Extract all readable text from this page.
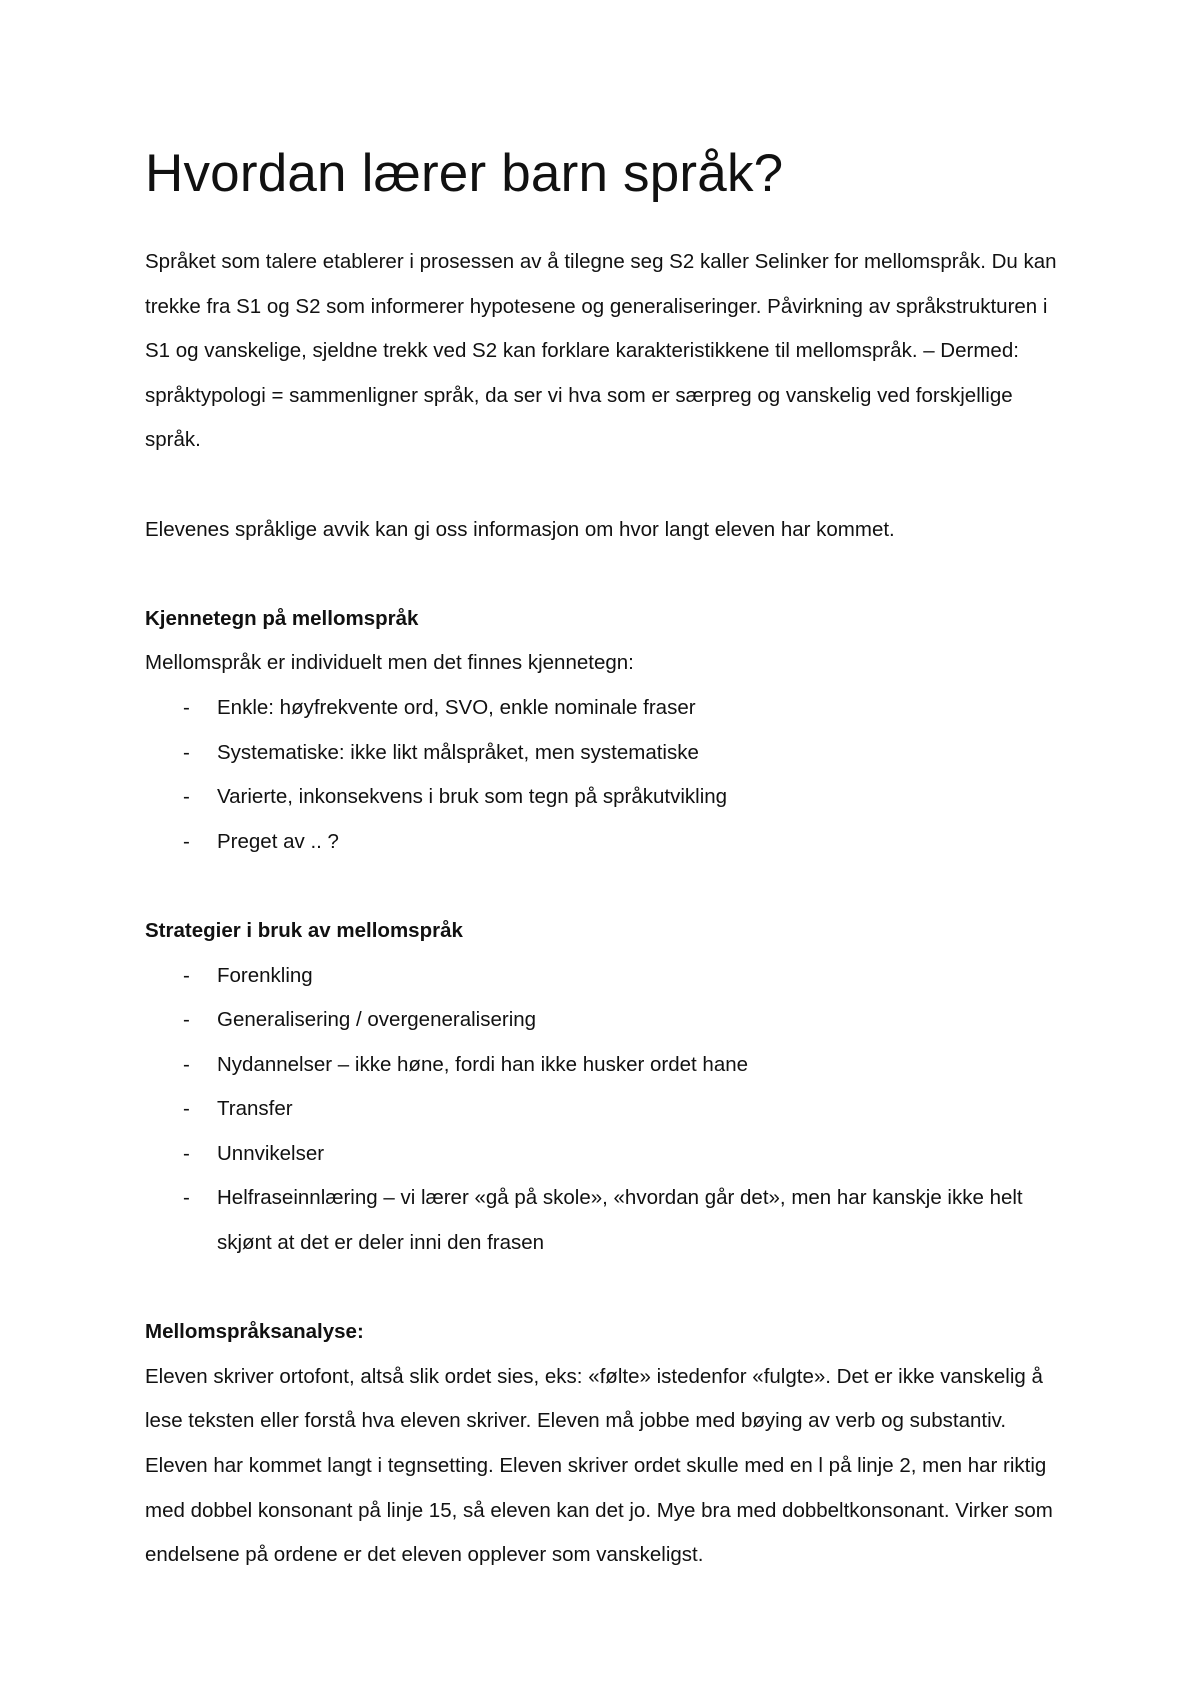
Hvordan lærer barn språk?

Språket som talere etablerer i prosessen av å tilegne seg S2 kaller Selinker for mellomspråk. Du kan trekke fra S1 og S2 som informerer hypotesene og generaliseringer. Påvirkning av språkstrukturen i S1 og vanskelige, sjeldne trekk ved S2 kan forklare karakteristikkene til mellomspråk. – Dermed: språktypologi = sammenligner språk, da ser vi hva som er særpreg og vanskelig ved forskjellige språk.

Elevenes språklige avvik kan gi oss informasjon om hvor langt eleven har kommet.

Kjennetegn på mellomspråk

Mellomspråk er individuelt men det finnes kjennetegn:

- Enkle: høyfrekvente ord, SVO, enkle nominale fraser
- Systematiske: ikke likt målspråket, men systematiske
- Varierte, inkonsekvens i bruk som tegn på språkutvikling
- Preget av .. ?

Strategier i bruk av mellomspråk

- Forenkling
- Generalisering / overgeneralisering
- Nydannelser – ikke høne, fordi han ikke husker ordet hane
- Transfer
- Unnvikelser
- Helfraseinnlæring – vi lærer «gå på skole», «hvordan går det», men har kanskje ikke helt skjønt at det er deler inni den frasen

Mellomspråksanalyse:

Eleven skriver ortofont, altså slik ordet sies, eks: «følte» istedenfor «fulgte». Det er ikke vanskelig å lese teksten eller forstå hva eleven skriver. Eleven må jobbe med bøying av verb og substantiv. Eleven har kommet langt i tegnsetting. Eleven skriver ordet skulle med en l på linje 2, men har riktig med dobbel konsonant på linje 15, så eleven kan det jo. Mye bra med dobbeltkonsonant. Virker som endelsene på ordene er det eleven opplever som vanskeligst.
